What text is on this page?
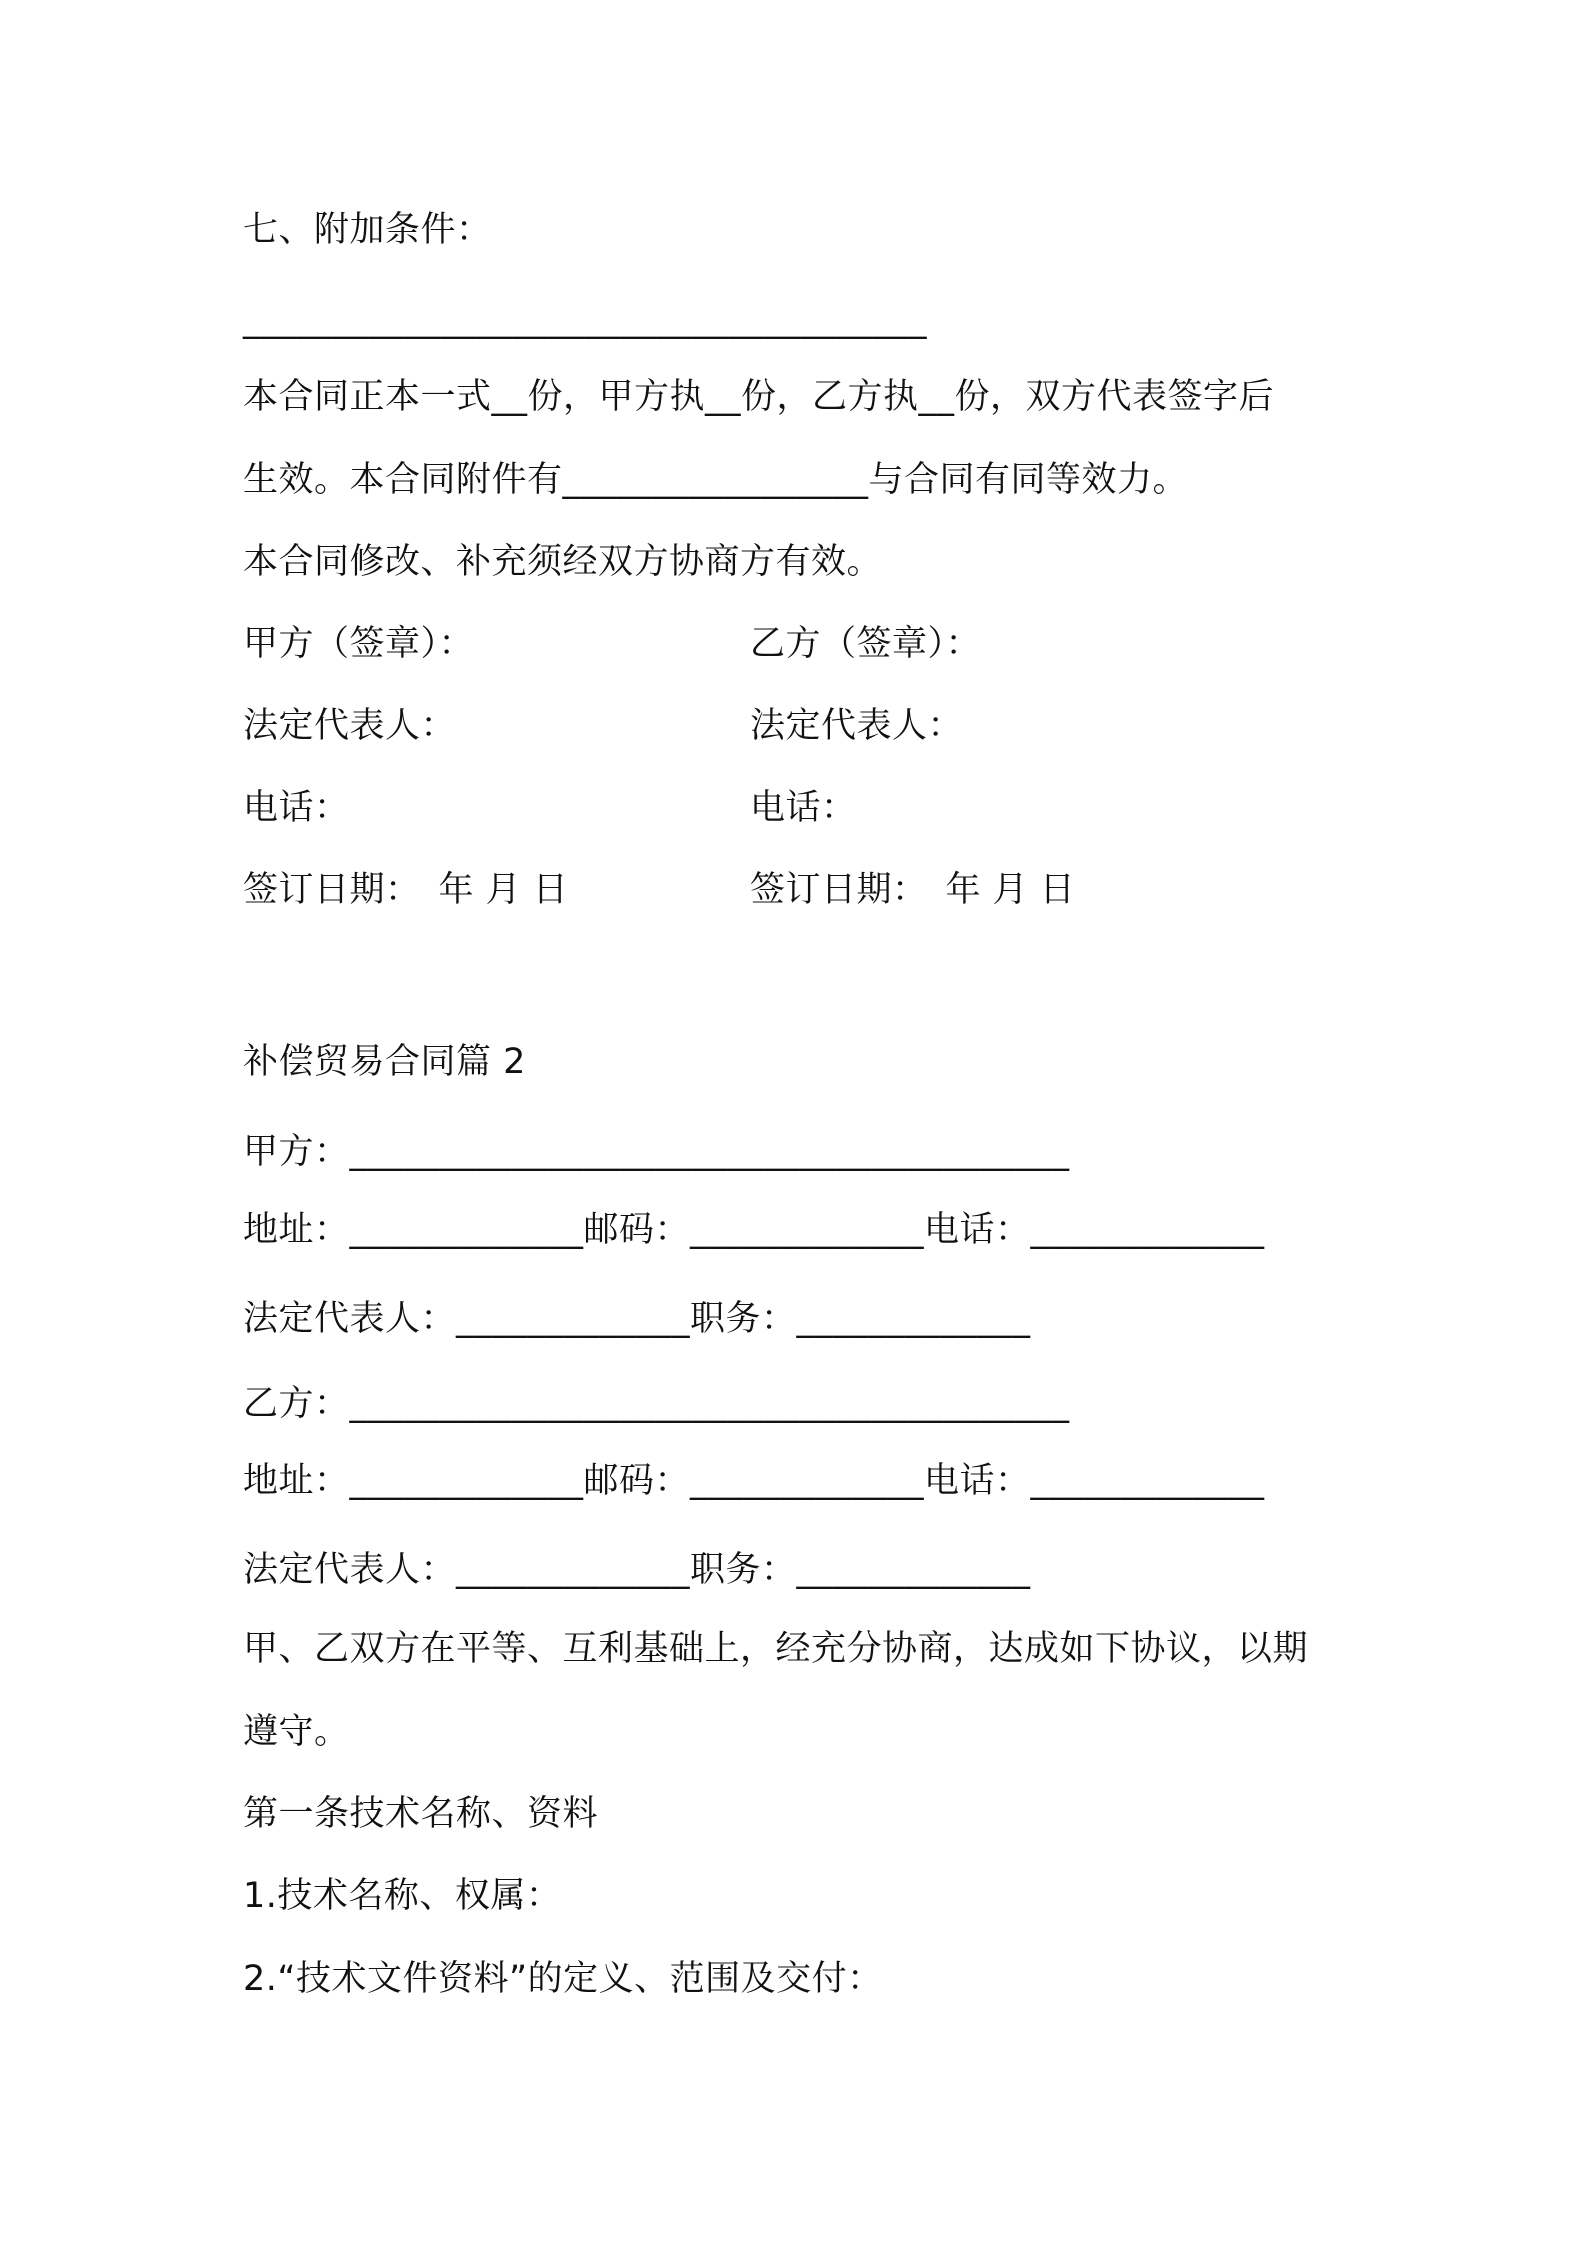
七、附加条件：
______________________________________
本合同正本一式__份，甲方执__份，乙方执__份，双方代表签字后
生效。本合同附件有_________________与合同有同等效力。
本合同修改、补充须经双方协商方有效。
甲方（签章）：	乙方（签章）：
法定代表人：	法定代表人：
电话：	电话：
签订日期：　年 月 日	签订日期：　年 月 日
补偿贸易合同篇 2
甲方：________________________________________
地址：_____________邮码：_____________电话：_____________
法定代表人：_____________职务：_____________
乙方：________________________________________
地址：_____________邮码：_____________电话：_____________
法定代表人：_____________职务：_____________
甲、乙双方在平等、互利基础上，经充分协商，达成如下协议，以期
遵守。
第一条技术名称、资料
1.技术名称、权属：
2.“技术文件资料”的定义、范围及交付：
